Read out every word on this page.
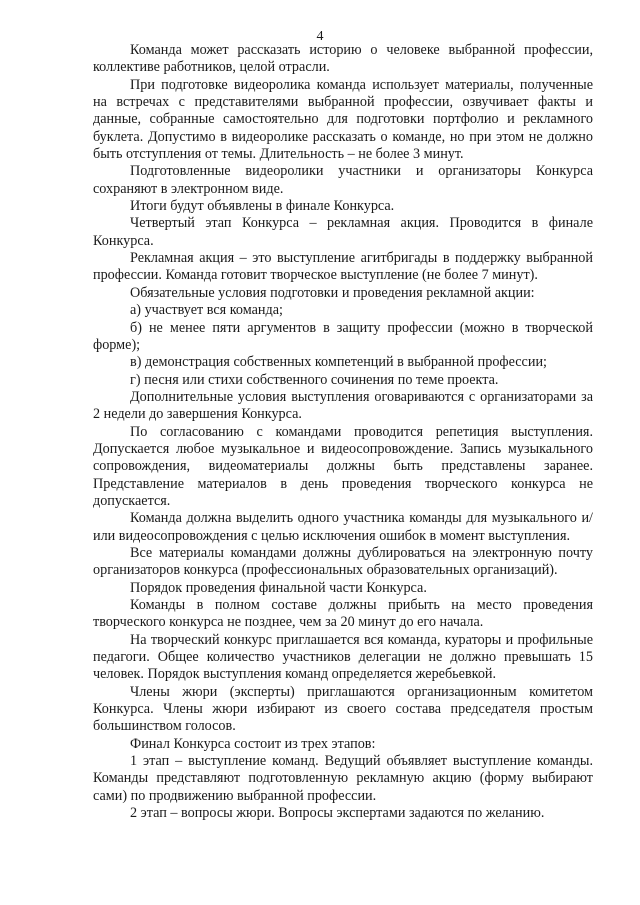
4

Команда может рассказать историю о человеке выбранной профессии, коллективе работников, целой отрасли.

При подготовке видеоролика команда использует материалы, полученные на встречах с представителями выбранной профессии, озвучивает факты и данные, собранные самостоятельно для подготовки портфолио и рекламного буклета. Допустимо в видеоролике рассказать о команде, но при этом не должно быть отступления от темы. Длительность – не более 3 минут.

Подготовленные видеоролики участники и организаторы Конкурса сохраняют в электронном виде.

Итоги будут объявлены в финале Конкурса.

Четвертый этап Конкурса – рекламная акция. Проводится в финале Конкурса.

Рекламная акция – это выступление агитбригады в поддержку выбранной профессии. Команда готовит творческое выступление (не более 7 минут).

Обязательные условия подготовки и проведения рекламной акции:

а) участвует вся команда;

б) не менее пяти аргументов в защиту профессии (можно в творческой форме);

в) демонстрация собственных компетенций в выбранной профессии;

г) песня или стихи собственного сочинения по теме проекта.

Дополнительные условия выступления оговариваются с организаторами за 2 недели до завершения Конкурса.

По согласованию с командами проводится репетиция выступления. Допускается любое музыкальное и видеосопровождение. Запись музыкального сопровождения, видеоматериалы должны быть представлены заранее. Представление материалов в день проведения творческого конкурса не допускается.

Команда должна выделить одного участника команды для музыкального и/или видеосопровождения с целью исключения ошибок в момент выступления.

Все материалы командами должны дублироваться на электронную почту организаторов конкурса (профессиональных образовательных организаций).

Порядок проведения финальной части Конкурса.

Команды в полном составе должны прибыть на место проведения творческого конкурса не позднее, чем за 20 минут до его начала.

На творческий конкурс приглашается вся команда, кураторы и профильные педагоги. Общее количество участников делегации не должно превышать 15 человек. Порядок выступления команд определяется жеребьевкой.

Члены жюри (эксперты) приглашаются организационным комитетом Конкурса. Члены жюри избирают из своего состава председателя простым большинством голосов.

Финал Конкурса состоит из трех этапов:

1 этап – выступление команд. Ведущий объявляет выступление команды. Команды представляют подготовленную рекламную акцию (форму выбирают сами) по продвижению выбранной профессии.

2 этап – вопросы жюри. Вопросы экспертами задаются по желанию.
